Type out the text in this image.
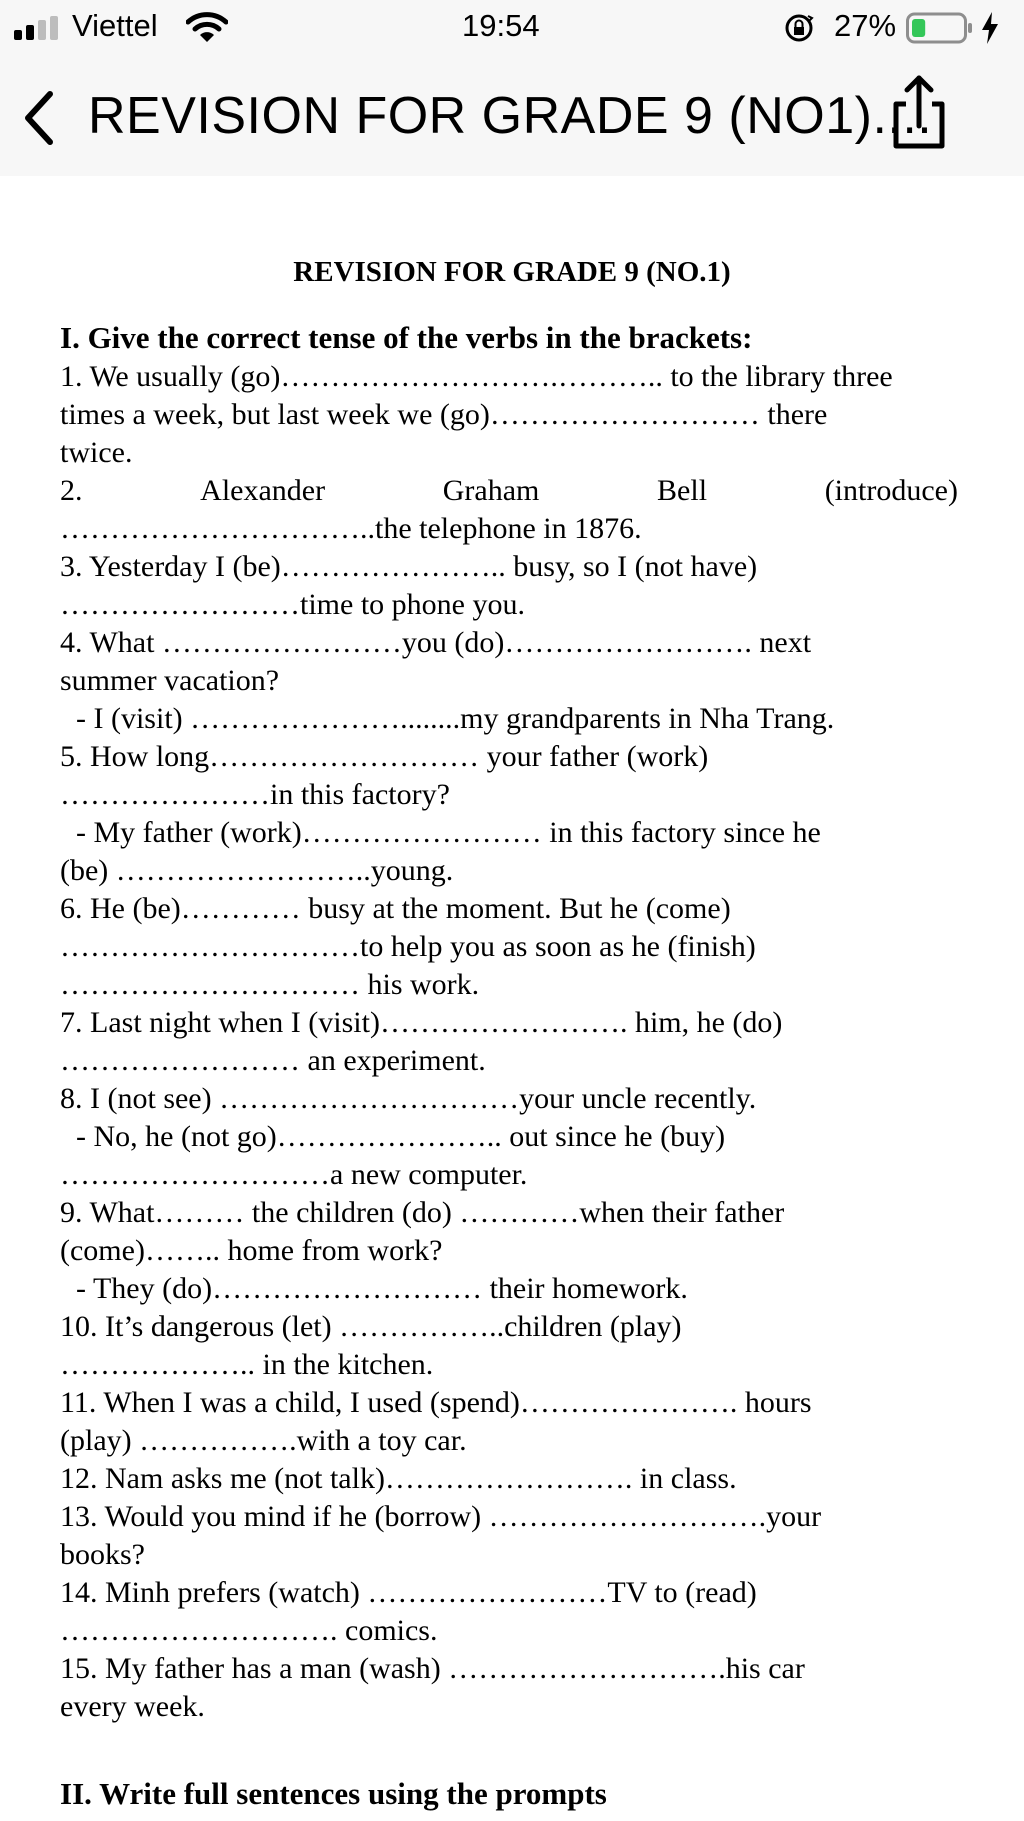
Viettel	19:54	27%
REVISION FOR GRADE 9 (NO1)....
REVISION FOR GRADE 9 (NO.1)
I. Give the correct tense of the verbs in the brackets:
1. We usually (go)……………………….……….. to the library three
times a week, but last week we (go)……………………… there
twice.
2.	Alexander	Graham	Bell	(introduce)
…………………………..the telephone in 1876.
3. Yesterday I (be)………………….. busy, so I (not have)
……………………time to phone you.
4. What ……………………you (do)……………………. next
summer vacation?
- I (visit) …………………........my grandparents in Nha Trang.
5. How long……………………… your father (work)
…………………in this factory?
- My father (work)…………………… in this factory since he
(be) ……………………..young.
6. He (be)………… busy at the moment. But he (come)
…………………………to help you as soon as he (finish)
………………………… his work.
7. Last night when I (visit)……………………. him, he (do)
…………………… an experiment.
8. I (not see) …………………………your uncle recently.
- No, he (not go)………………….. out since he (buy)
………………………a new computer.
9. What……… the children (do) …………when their father
(come)…….. home from work?
- They (do)……………………… their homework.
10. It’s dangerous (let) ……………..children (play)
……………….. in the kitchen.
11. When I was a child, I used (spend)…………………. hours
(play) …………….with a toy car.
12. Nam asks me (not talk)……………………. in class.
13. Would you mind if he (borrow) ……………………….your
books?
14. Minh prefers (watch) ……………………TV to (read)
………………………. comics.
15. My father has a man (wash) ……………………….his car
every week.
II. Write full sentences using the prompts
